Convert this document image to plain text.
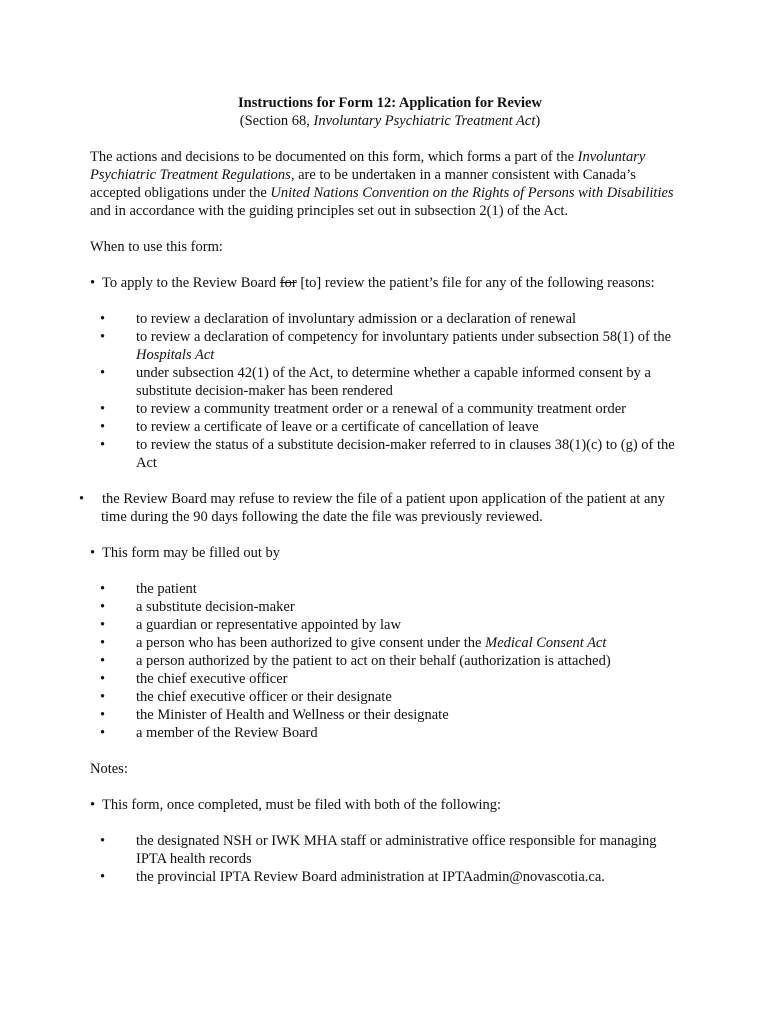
Instructions for Form 12: Application for Review

(Section 68, Involuntary Psychiatric Treatment Act)

The actions and decisions to be documented on this form, which forms a part of the Involuntary Psychiatric Treatment Regulations, are to be undertaken in a manner consistent with Canada’s accepted obligations under the United Nations Convention on the Rights of Persons with Disabilities and in accordance with the guiding principles set out in subsection 2(1) of the Act.

When to use this form:

• To apply to the Review Board for [to] review the patient’s file for any of the following reasons:

• to review a declaration of involuntary admission or a declaration of renewal
• to review a declaration of competency for involuntary patients under subsection 58(1) of the Hospitals Act
• under subsection 42(1) of the Act, to determine whether a capable informed consent by a substitute decision-maker has been rendered
• to review a community treatment order or a renewal of a community treatment order
• to review a certificate of leave or a certificate of cancellation of leave
• to review the status of a substitute decision-maker referred to in clauses 38(1)(c) to (g) of the Act

• the Review Board may refuse to review the file of a patient upon application of the patient at any time during the 90 days following the date the file was previously reviewed.

• This form may be filled out by

• the patient
• a substitute decision-maker
• a guardian or representative appointed by law
• a person who has been authorized to give consent under the Medical Consent Act
• a person authorized by the patient to act on their behalf (authorization is attached)
• the chief executive officer
• the chief executive officer or their designate
• the Minister of Health and Wellness or their designate
• a member of the Review Board

Notes:

• This form, once completed, must be filed with both of the following:

• the designated NSH or IWK MHA staff or administrative office responsible for managing IPTA health records
• the provincial IPTA Review Board administration at IPTAadmin@novascotia.ca.
